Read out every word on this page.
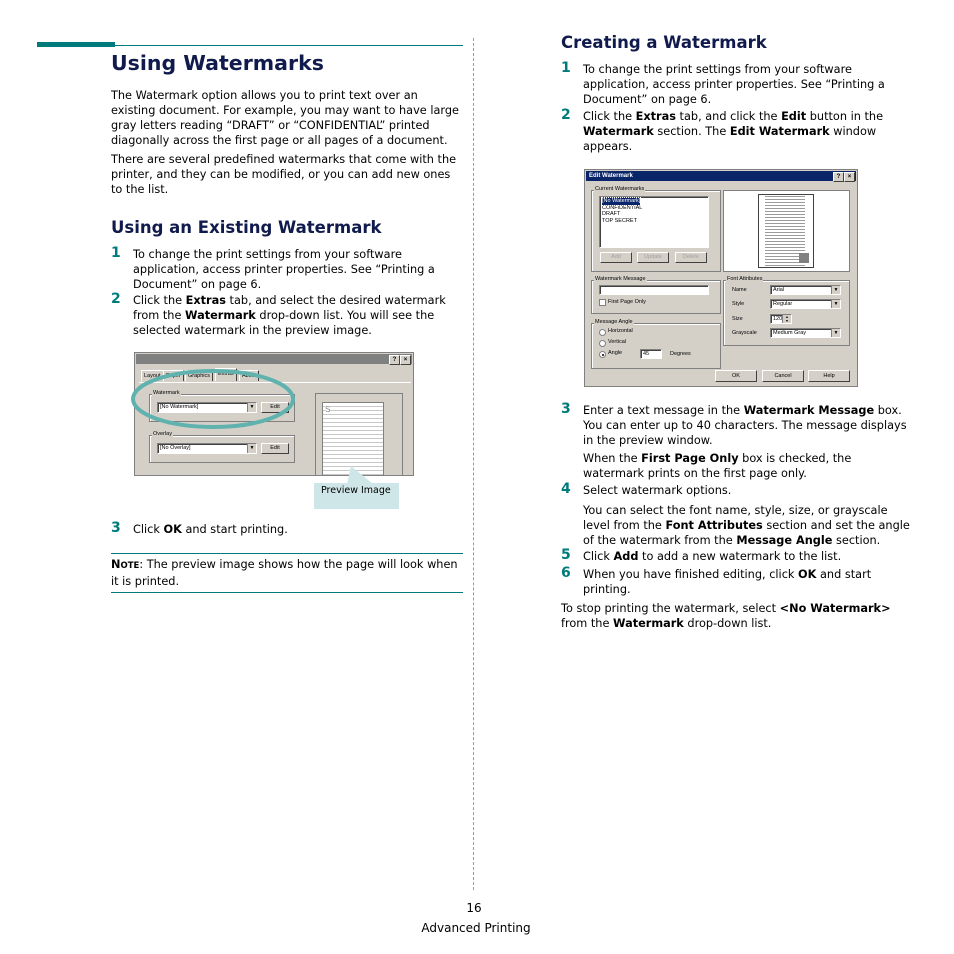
Using Watermarks

The Watermark option allows you to print text over an existing document. For example, you may want to have large gray letters reading “DRAFT” or “CONFIDENTIAL” printed diagonally across the first page or all pages of a document.

There are several predefined watermarks that come with the printer, and they can be modified, or you can add new ones to the list.

Using an Existing Watermark
1 To change the print settings from your software application, access printer properties. See “Printing a Document” on page 6.

2 Click the Extras tab, and select the desired watermark from the Watermark drop-down list. You will see the selected watermark in the preview image.

?	×
Layout Paper	Graphics	Extras	About
Watermark
[No Watermark]	▼	Edit
Overlay
[No Overlay]	▼	Edit
S
Preview Image
3 Click OK and start printing.

NOTE: The preview image shows how the page will look when it is printed.

Creating a Watermark
1 To change the print settings from your software application, access printer properties. See “Printing a Document” on page 6.

2 Click the Extras tab, and click the Edit button in the Watermark section. The Edit Watermark window appears.

Edit Watermark	?	×
Current Watermarks
[No Watermark]
CONFIDENTIAL
DRAFT
TOP SECRET
Add	Update	Delete
Watermark Message
First Page Only
Message Angle
Horizontal
Vertical
Angle	45	Degrees
Font Attributes
Name	Arial	▼
Style	Regular	▼
Size	120 ▲
▼
Grayscale	Medium Gray	▼
OK	Cancel	Help
3 Enter a text message in the Watermark Message box. You can enter up to 40 characters. The message displays in the preview window.

When the First Page Only box is checked, the watermark prints on the first page only.

4 Select watermark options.

You can select the font name, style, size, or grayscale level from the Font Attributes section and set the angle of the watermark from the Message Angle section.

5 Click Add to add a new watermark to the list.

6 When you have finished editing, click OK and start printing.

To stop printing the watermark, select <No Watermark> from the Watermark drop-down list.

16
Advanced Printing
